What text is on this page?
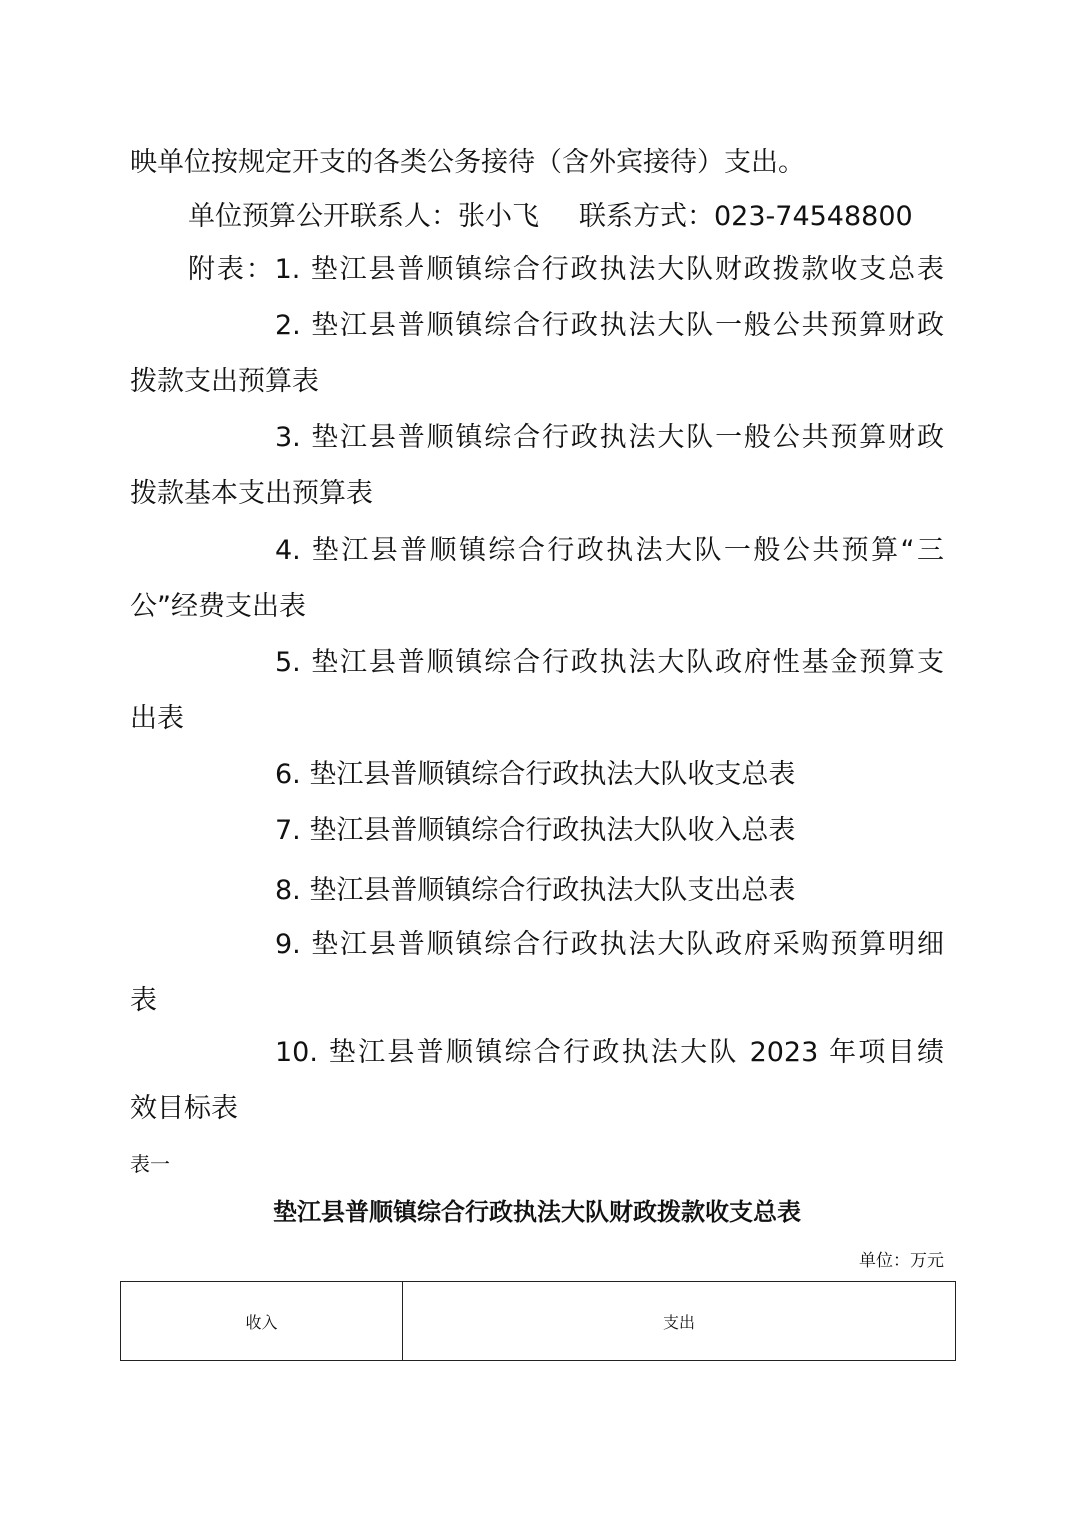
映单位按规定开支的各类公务接待（含外宾接待）支出。
单位预算公开联系人：张小飞 联系方式：023-74548800
附表：1. 垫江县普顺镇综合行政执法大队财政拨款收支总表
2. 垫江县普顺镇综合行政执法大队一般公共预算财政
拨款支出预算表
3. 垫江县普顺镇综合行政执法大队一般公共预算财政
拨款基本支出预算表
4. 垫江县普顺镇综合行政执法大队一般公共预算“三
公”经费支出表
5. 垫江县普顺镇综合行政执法大队政府性基金预算支
出表
6. 垫江县普顺镇综合行政执法大队收支总表
7. 垫江县普顺镇综合行政执法大队收入总表
8. 垫江县普顺镇综合行政执法大队支出总表
9. 垫江县普顺镇综合行政执法大队政府采购预算明细
表
10. 垫江县普顺镇综合行政执法大队 2023 年项目绩
效目标表
表一
垫江县普顺镇综合行政执法大队财政拨款收支总表
单位：万元
收入	支出
